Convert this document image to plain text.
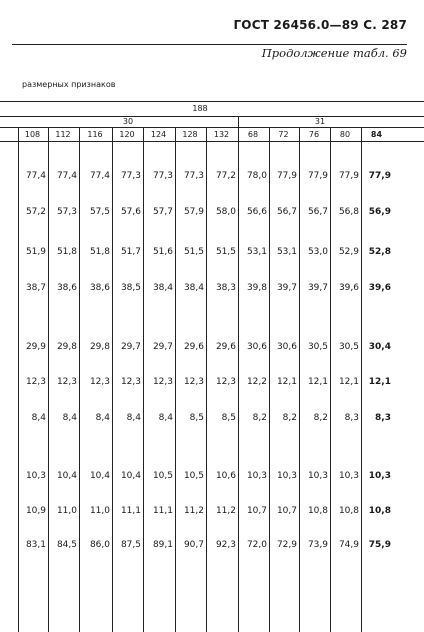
ГОСТ 26456.0—89 С. 287
Продолжение табл. 69
размерных признаков
188
30	31
108	112	116	120	124	128	132	68	72	76	80	84
77,4	77,4	77,4	77,3	77,3	77,3	77,2	78,0	77,9	77,9	77,9	77,9
57,2	57,3	57,5	57,6	57,7	57,9	58,0	56,6	56,7	56,7	56,8	56,9
51,9	51,8	51,8	51,7	51,6	51,5	51,5	53,1	53,1	53,0	52,9	52,8
38,7	38,6	38,6	38,5	38,4	38,4	38,3	39,8	39,7	39,7	39,6	39,6
29,9	29,8	29,8	29,7	29,7	29,6	29,6	30,6	30,6	30,5	30,5	30,4
12,3	12,3	12,3	12,3	12,3	12,3	12,3	12,2	12,1	12,1	12,1	12,1
8,4	8,4	8,4	8,4	8,4	8,5	8,5	8,2	8,2	8,2	8,3	8,3
10,3	10,4	10,4	10,4	10,5	10,5	10,6	10,3	10,3	10,3	10,3	10,3
10,9	11,0	11,0	11,1	11,1	11,2	11,2	10,7	10,7	10,8	10,8	10,8
83,1	84,5	86,0	87,5	89,1	90,7	92,3	72,0	72,9	73,9	74,9	75,9
